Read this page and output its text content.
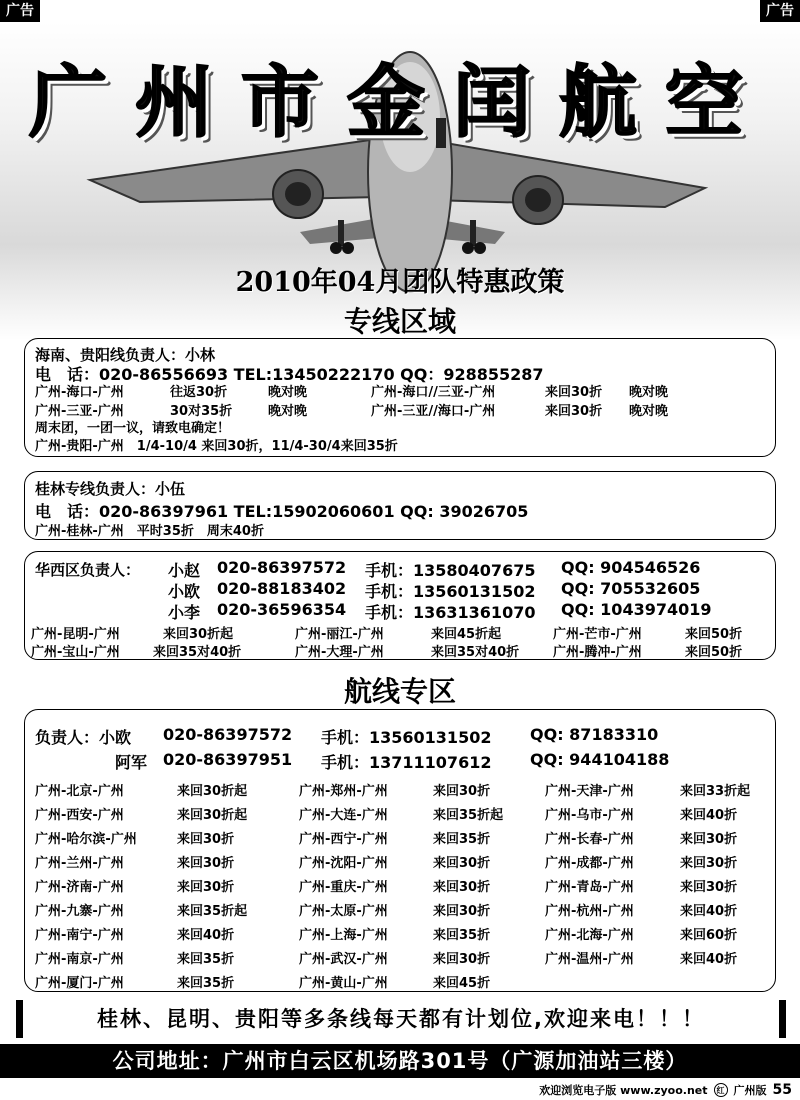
广告	广告
广州市金闰航空
2010年04月团队特惠政策
专线区域
海南、贵阳线负责人：小林
电　话：020-86556693 TEL:13450222170 QQ：928855287
广州-海口-广州	往返30折	晚对晚	广州-海口//三亚-广州	来回30折 晚对晚
广州-三亚-广州	30对35折	晚对晚	广州-三亚//海口-广州	来回30折 晚对晚
周末团，一团一议，请致电确定！
广州-贵阳-广州　1/4-10/4 来回30折，11/4-30/4来回35折
桂林专线负责人：小伍
电　话：020-86397961 TEL:15902060601 QQ: 39026705
广州-桂林-广州　平时35折　周末40折
华西区负责人： 小赵 020-86397572 手机：13580407675 QQ: 904546526
小欧 020-88183402 手机：13560131502 QQ: 705532605
小李 020-36596354 手机：13631361070 QQ: 1043974019
广州-昆明-广州	来回30折起	广州-丽江-广州	来回45折起	广州-芒市-广州	来回50折
广州-宝山-广州	来回35对40折	广州-大理-广州	来回35对40折	广州-腾冲-广州	来回50折
航线专区
负责人：小欧 020-86397572 手机：13560131502 QQ: 87183310
阿军 020-86397951 手机：13711107612 QQ: 944104188
广州-北京-广州	来回30折起	广州-郑州-广州	来回30折	广州-天津-广州	来回33折起
广州-西安-广州	来回30折起	广州-大连-广州	来回35折起	广州-乌市-广州	来回40折
广州-哈尔滨-广州	来回30折	广州-西宁-广州	来回35折	广州-长春-广州	来回30折
广州-兰州-广州	来回30折	广州-沈阳-广州	来回30折	广州-成都-广州	来回30折
广州-济南-广州	来回30折	广州-重庆-广州	来回30折	广州-青岛-广州	来回30折
广州-九寨-广州	来回35折起	广州-太原-广州	来回30折	广州-杭州-广州	来回40折
广州-南宁-广州	来回40折	广州-上海-广州	来回35折	广州-北海-广州	来回60折
广州-南京-广州	来回35折	广州-武汉-广州	来回30折	广州-温州-广州	来回40折
广州-厦门-广州	来回35折	广州-黄山-广州	来回45折
桂林、昆明、贵阳等多条线每天都有计划位,欢迎来电！！！
公司地址：广州市白云区机场路301号（广源加油站三楼）
欢迎浏览电子版 www.zyoo.net	红 广州版 55
